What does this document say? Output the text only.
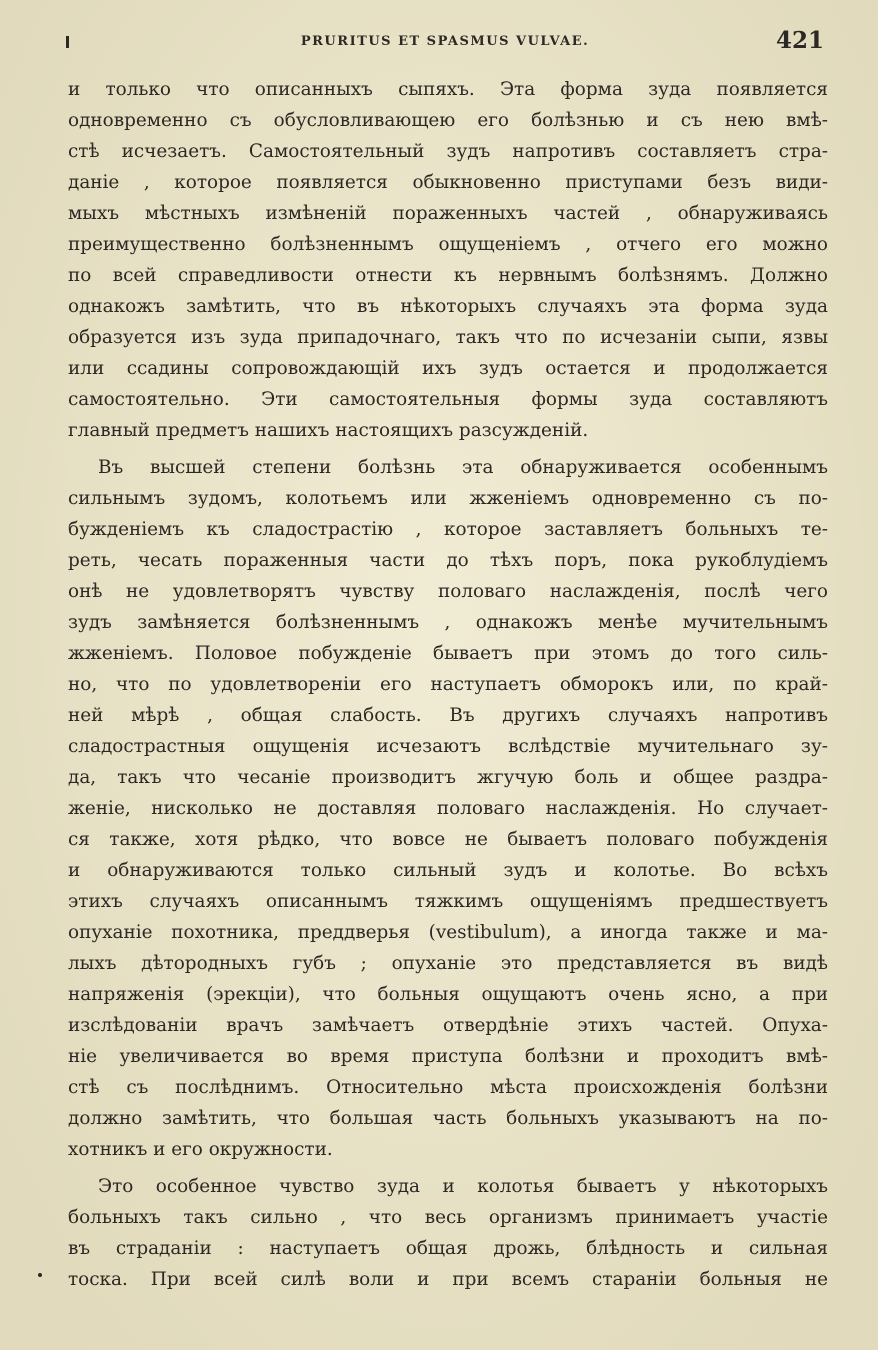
PRURITUS ET SPASMUS VULVAE.	421
и только что описанныхъ сыпяхъ. Эта форма зуда появляется
одновременно съ обусловливающею его болѣзнью и съ нею вмѣ-
стѣ исчезаетъ. Самостоятельный зудъ напротивъ составляетъ стра-
даніе , которое появляется обыкновенно приступами безъ види-
мыхъ мѣстныхъ измѣненій пораженныхъ частей , обнаруживаясь
преимущественно болѣзненнымъ ощущеніемъ , отчего его можно
по всей справедливости отнести къ нервнымъ болѣзнямъ. Должно
однакожъ замѣтить, что въ нѣкоторыхъ случаяхъ эта форма зуда
образуется изъ зуда припадочнаго, такъ что по исчезаніи сыпи, язвы
или ссадины сопровождающій ихъ зудъ остается и продолжается
самостоятельно. Эти самостоятельныя формы зуда составляютъ
главный предметъ нашихъ настоящихъ разсужденій.
Въ высшей степени болѣзнь эта обнаруживается особеннымъ
сильнымъ зудомъ, колотьемъ или жженіемъ одновременно съ по-
бужденіемъ къ сладострастію , которое заставляетъ больныхъ те-
реть, чесать пораженныя части до тѣхъ поръ, пока рукоблудіемъ
онѣ не удовлетворятъ чувству половаго наслажденія, послѣ чего
зудъ замѣняется болѣзненнымъ , однакожъ менѣе мучительнымъ
жженіемъ. Половое побужденіе бываетъ при этомъ до того силь-
но, что по удовлетвореніи его наступаетъ обморокъ или, по край-
ней мѣрѣ , общая слабость. Въ другихъ случаяхъ напротивъ
сладострастныя ощущенія исчезаютъ вслѣдствіе мучительнаго зу-
да, такъ что чесаніе производитъ жгучую боль и общее раздра-
женіе, нисколько не доставляя половаго наслажденія. Но случает-
ся также, хотя рѣдко, что вовсе не бываетъ половаго побужденія
и обнаруживаются только сильный зудъ и колотье. Во всѣхъ
этихъ случаяхъ описаннымъ тяжкимъ ощущеніямъ предшествуетъ
опуханіе похотника, преддверья (vestibulum), а иногда также и ма-
лыхъ дѣтородныхъ губъ ; опуханіе это представляется въ видѣ
напряженія (эрекціи), что больныя ощущаютъ очень ясно, а при
изслѣдованіи врачъ замѣчаетъ отвердѣніе этихъ частей. Опуха-
ніе увеличивается во время приступа болѣзни и проходитъ вмѣ-
стѣ съ послѣднимъ. Относительно мѣста происхожденія болѣзни
должно замѣтить, что большая часть больныхъ указываютъ на по-
хотникъ и его окружности.
Это особенное чувство зуда и колотья бываетъ у нѣкоторыхъ
больныхъ такъ сильно , что весь организмъ принимаетъ участіе
въ страданіи : наступаетъ общая дрожь, блѣдность и сильная
тоска. При всей силѣ воли и при всемъ стараніи больныя не
